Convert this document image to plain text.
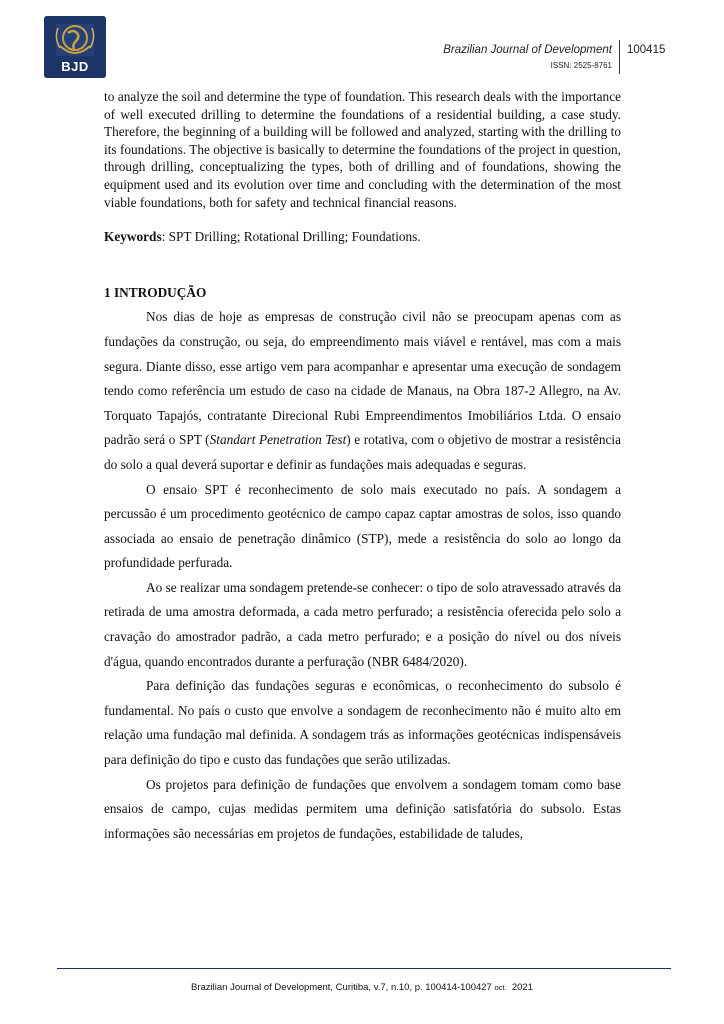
BJD
Brazilian Journal of Development
ISSN: 2525-8761
100415

to analyze the soil and determine the type of foundation. This research deals with the importance of well executed drilling to determine the foundations of a residential building, a case study. Therefore, the beginning of a building will be followed and analyzed, starting with the drilling to its foundations. The objective is basically to determine the foundations of the project in question, through drilling, conceptualizing the types, both of drilling and of foundations, showing the equipment used and its evolution over time and concluding with the determination of the most viable foundations, both for safety and technical financial reasons.

Keywords: SPT Drilling; Rotational Drilling; Foundations.

1 INTRODUÇÃO

Nos dias de hoje as empresas de construção civil não se preocupam apenas com as fundações da construção, ou seja, do empreendimento mais viável e rentável, mas com a mais segura. Diante disso, esse artigo vem para acompanhar e apresentar uma execução de sondagem tendo como referência um estudo de caso na cidade de Manaus, na Obra 187-2 Allegro, na Av. Torquato Tapajós, contratante Direcional Rubi Empreendimentos Imobiliários Ltda. O ensaio padrão será o SPT (Standart Penetration Test) e rotativa, com o objetivo de mostrar a resistência do solo a qual deverá suportar e definir as fundações mais adequadas e seguras.

O ensaio SPT é reconhecimento de solo mais executado no país. A sondagem a percussão é um procedimento geotécnico de campo capaz captar amostras de solos, isso quando associada ao ensaio de penetração dinâmico (STP), mede a resistência do solo ao longo da profundidade perfurada.

Ao se realizar uma sondagem pretende-se conhecer: o tipo de solo atravessado através da retirada de uma amostra deformada, a cada metro perfurado; a resistência oferecida pelo solo a cravação do amostrador padrão, a cada metro perfurado; e a posição do nível ou dos níveis d'água, quando encontrados durante a perfuração (NBR 6484/2020).

Para definição das fundações seguras e econômicas, o reconhecimento do subsolo é fundamental. No país o custo que envolve a sondagem de reconhecimento não é muito alto em relação uma fundação mal definida. A sondagem trás as informações geotécnicas indispensáveis para definição do tipo e custo das fundações que serão utilizadas.

Os projetos para definição de fundações que envolvem a sondagem tomam como base ensaios de campo, cujas medidas permitem uma definição satisfatória do subsolo. Estas informações são necessárias em projetos de fundações, estabilidade de taludes,

Brazilian Journal of Development, Curitiba, v.7, n.10, p. 100414-100427 oct. 2021
